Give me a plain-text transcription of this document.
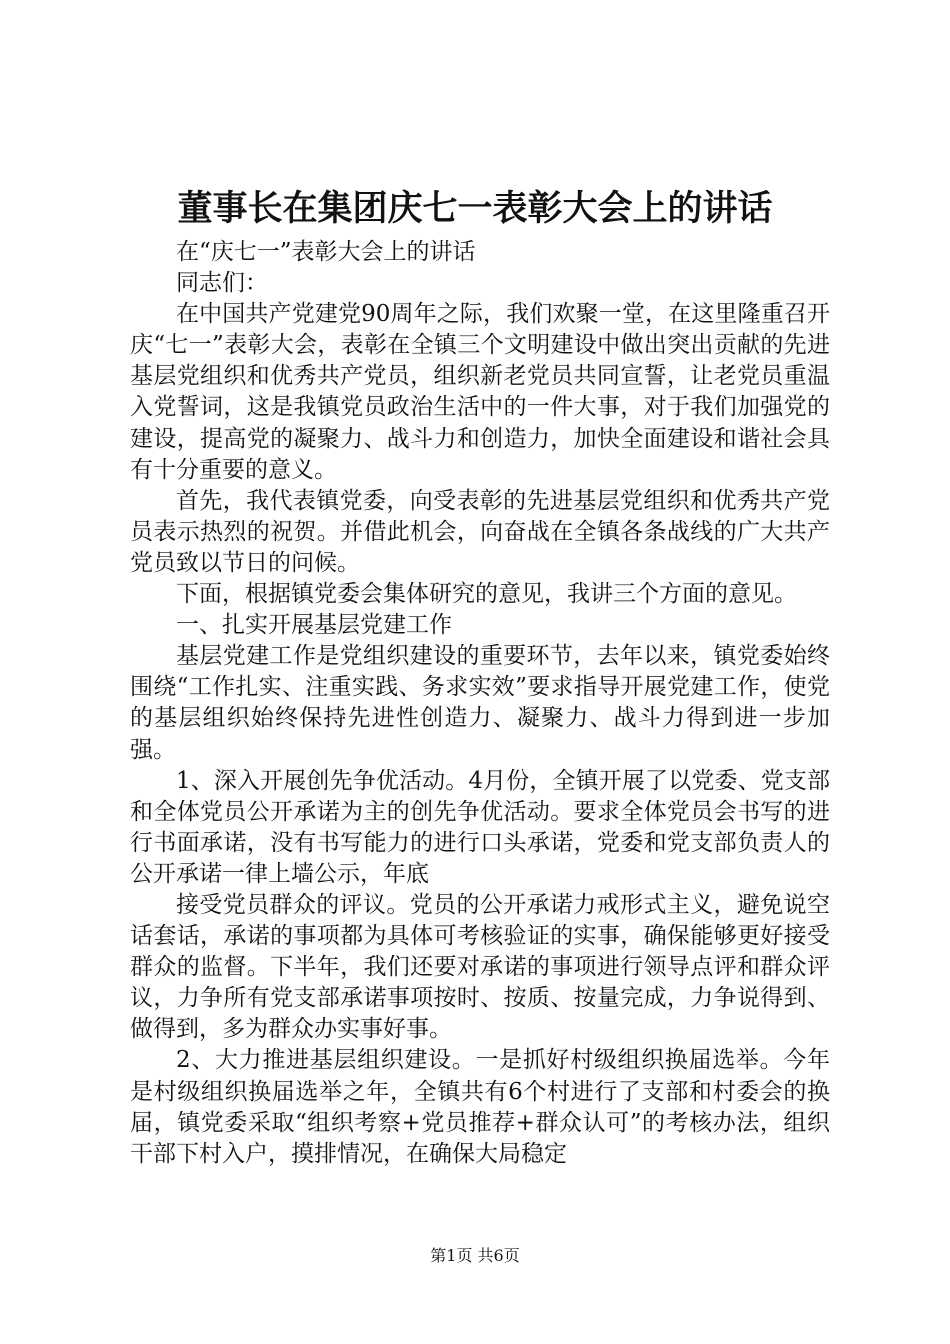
董事长在集团庆七一表彰大会上的讲话

在“庆七一”表彰大会上的讲话

同志们：

在中国共产党建党90周年之际，我们欢聚一堂，在这里隆重召开庆“七一”表彰大会，表彰在全镇三个文明建设中做出突出贡献的先进基层党组织和优秀共产党员，组织新老党员共同宣誓，让老党员重温入党誓词，这是我镇党员政治生活中的一件大事，对于我们加强党的建设，提高党的凝聚力、战斗力和创造力，加快全面建设和谐社会具有十分重要的意义。

首先，我代表镇党委，向受表彰的先进基层党组织和优秀共产党员表示热烈的祝贺。并借此机会，向奋战在全镇各条战线的广大共产党员致以节日的问候。

下面，根据镇党委会集体研究的意见，我讲三个方面的意见。

一、扎实开展基层党建工作

基层党建工作是党组织建设的重要环节，去年以来，镇党委始终围绕“工作扎实、注重实践、务求实效”要求指导开展党建工作，使党的基层组织始终保持先进性创造力、凝聚力、战斗力得到进一步加强。

1、深入开展创先争优活动。4月份，全镇开展了以党委、党支部和全体党员公开承诺为主的创先争优活动。要求全体党员会书写的进行书面承诺，没有书写能力的进行口头承诺，党委和党支部负责人的公开承诺一律上墙公示，年底

接受党员群众的评议。党员的公开承诺力戒形式主义，避免说空话套话，承诺的事项都为具体可考核验证的实事，确保能够更好接受群众的监督。下半年，我们还要对承诺的事项进行领导点评和群众评议，力争所有党支部承诺事项按时、按质、按量完成，力争说得到、做得到，多为群众办实事好事。

2、大力推进基层组织建设。一是抓好村级组织换届选举。今年是村级组织换届选举之年，全镇共有6个村进行了支部和村委会的换届，镇党委采取“组织考察+党员推荐+群众认可”的考核办法，组织干部下村入户，摸排情况，在确保大局稳定

第1页 共6页
